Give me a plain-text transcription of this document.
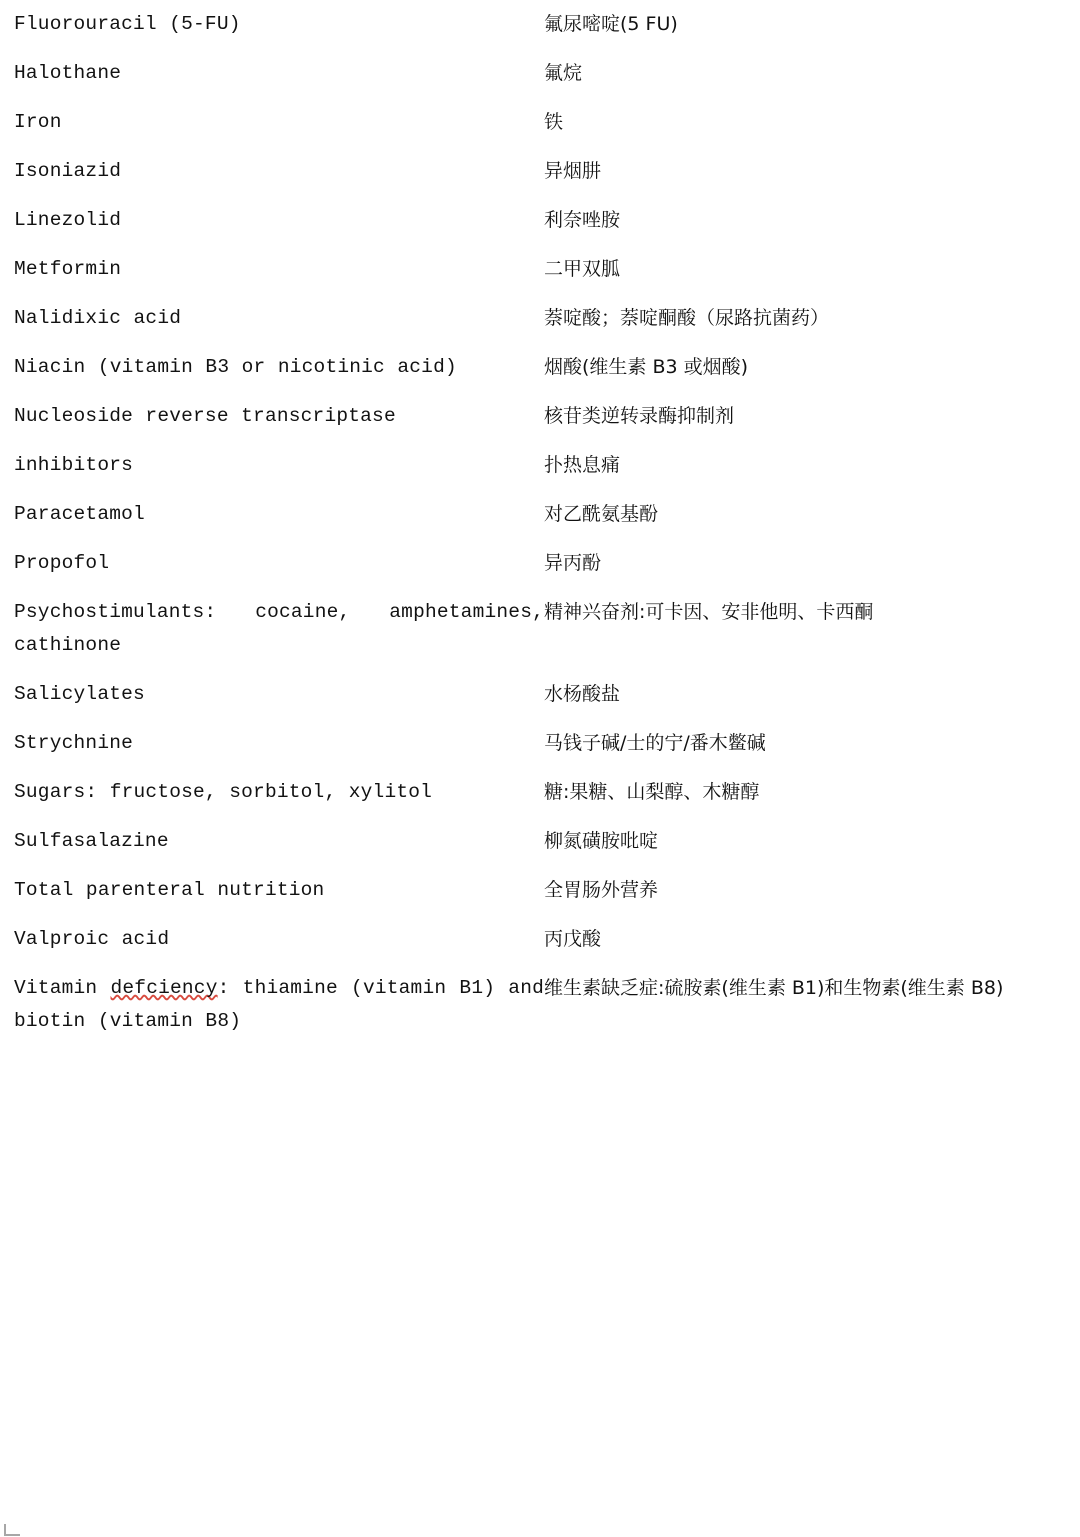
Fluorouracil (5-FU)	氟尿嘧啶(5 FU)
Halothane	氟烷
Iron	铁
Isoniazid	异烟肼
Linezolid	利奈唑胺
Metformin	二甲双胍
Nalidixic acid	萘啶酸；萘啶酮酸（尿路抗菌药）
Niacin (vitamin B3 or nicotinic acid)	烟酸(维生素 B3 或烟酸)
Nucleoside reverse transcriptase	核苷类逆转录酶抑制剂
inhibitors	扑热息痛
Paracetamol	对乙酰氨基酚
Propofol	异丙酚
Psychostimulants: cocaine, amphetamines, cathinone	精神兴奋剂:可卡因、安非他明、卡西酮
Salicylates	水杨酸盐
Strychnine	马钱子碱/士的宁/番木鳖碱
Sugars: fructose, sorbitol, xylitol	糖:果糖、山梨醇、木糖醇
Sulfasalazine	柳氮磺胺吡啶
Total parenteral nutrition	全胃肠外营养
Valproic acid	丙戊酸
Vitamin defciency: thiamine (vitamin B1) and biotin (vitamin B8)	维生素缺乏症:硫胺素(维生素 B1)和生物素(维生素 B8)
